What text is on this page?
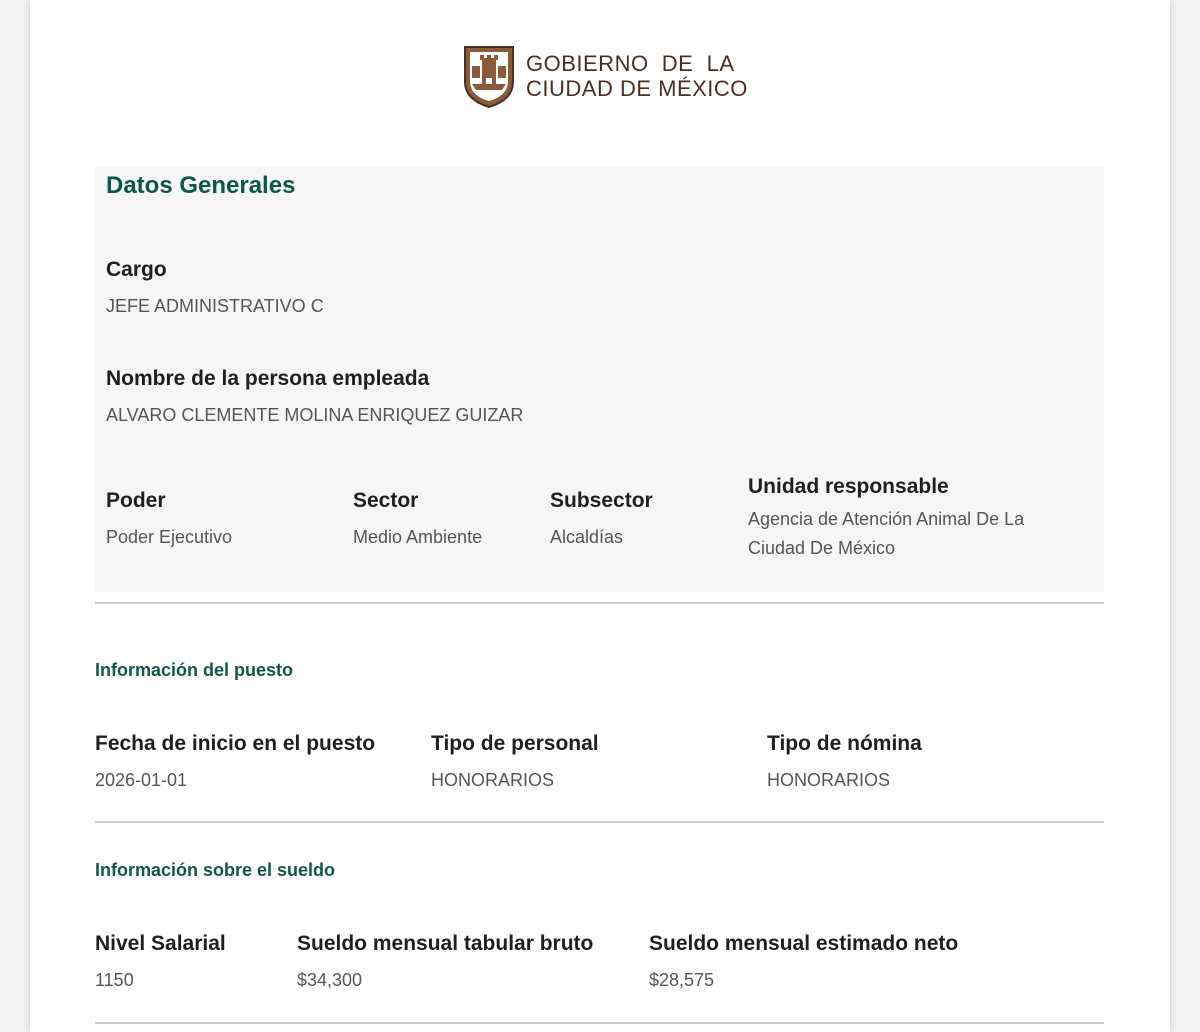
GOBIERNO  DE  LA
CIUDAD DE MÉXICO
Datos Generales
Cargo
JEFE ADMINISTRATIVO C
Nombre de la persona empleada
ALVARO CLEMENTE MOLINA ENRIQUEZ GUIZAR
Poder
Poder Ejecutivo
Sector
Medio Ambiente
Subsector
Alcaldías
Unidad responsable
Agencia de Atención Animal De La
Ciudad De México
Información del puesto
Fecha de inicio en el puesto
2026-01-01
Tipo de personal
HONORARIOS
Tipo de nómina
HONORARIOS
Información sobre el sueldo
Nivel Salarial
1150
Sueldo mensual tabular bruto
$34,300
Sueldo mensual estimado neto
$28,575
